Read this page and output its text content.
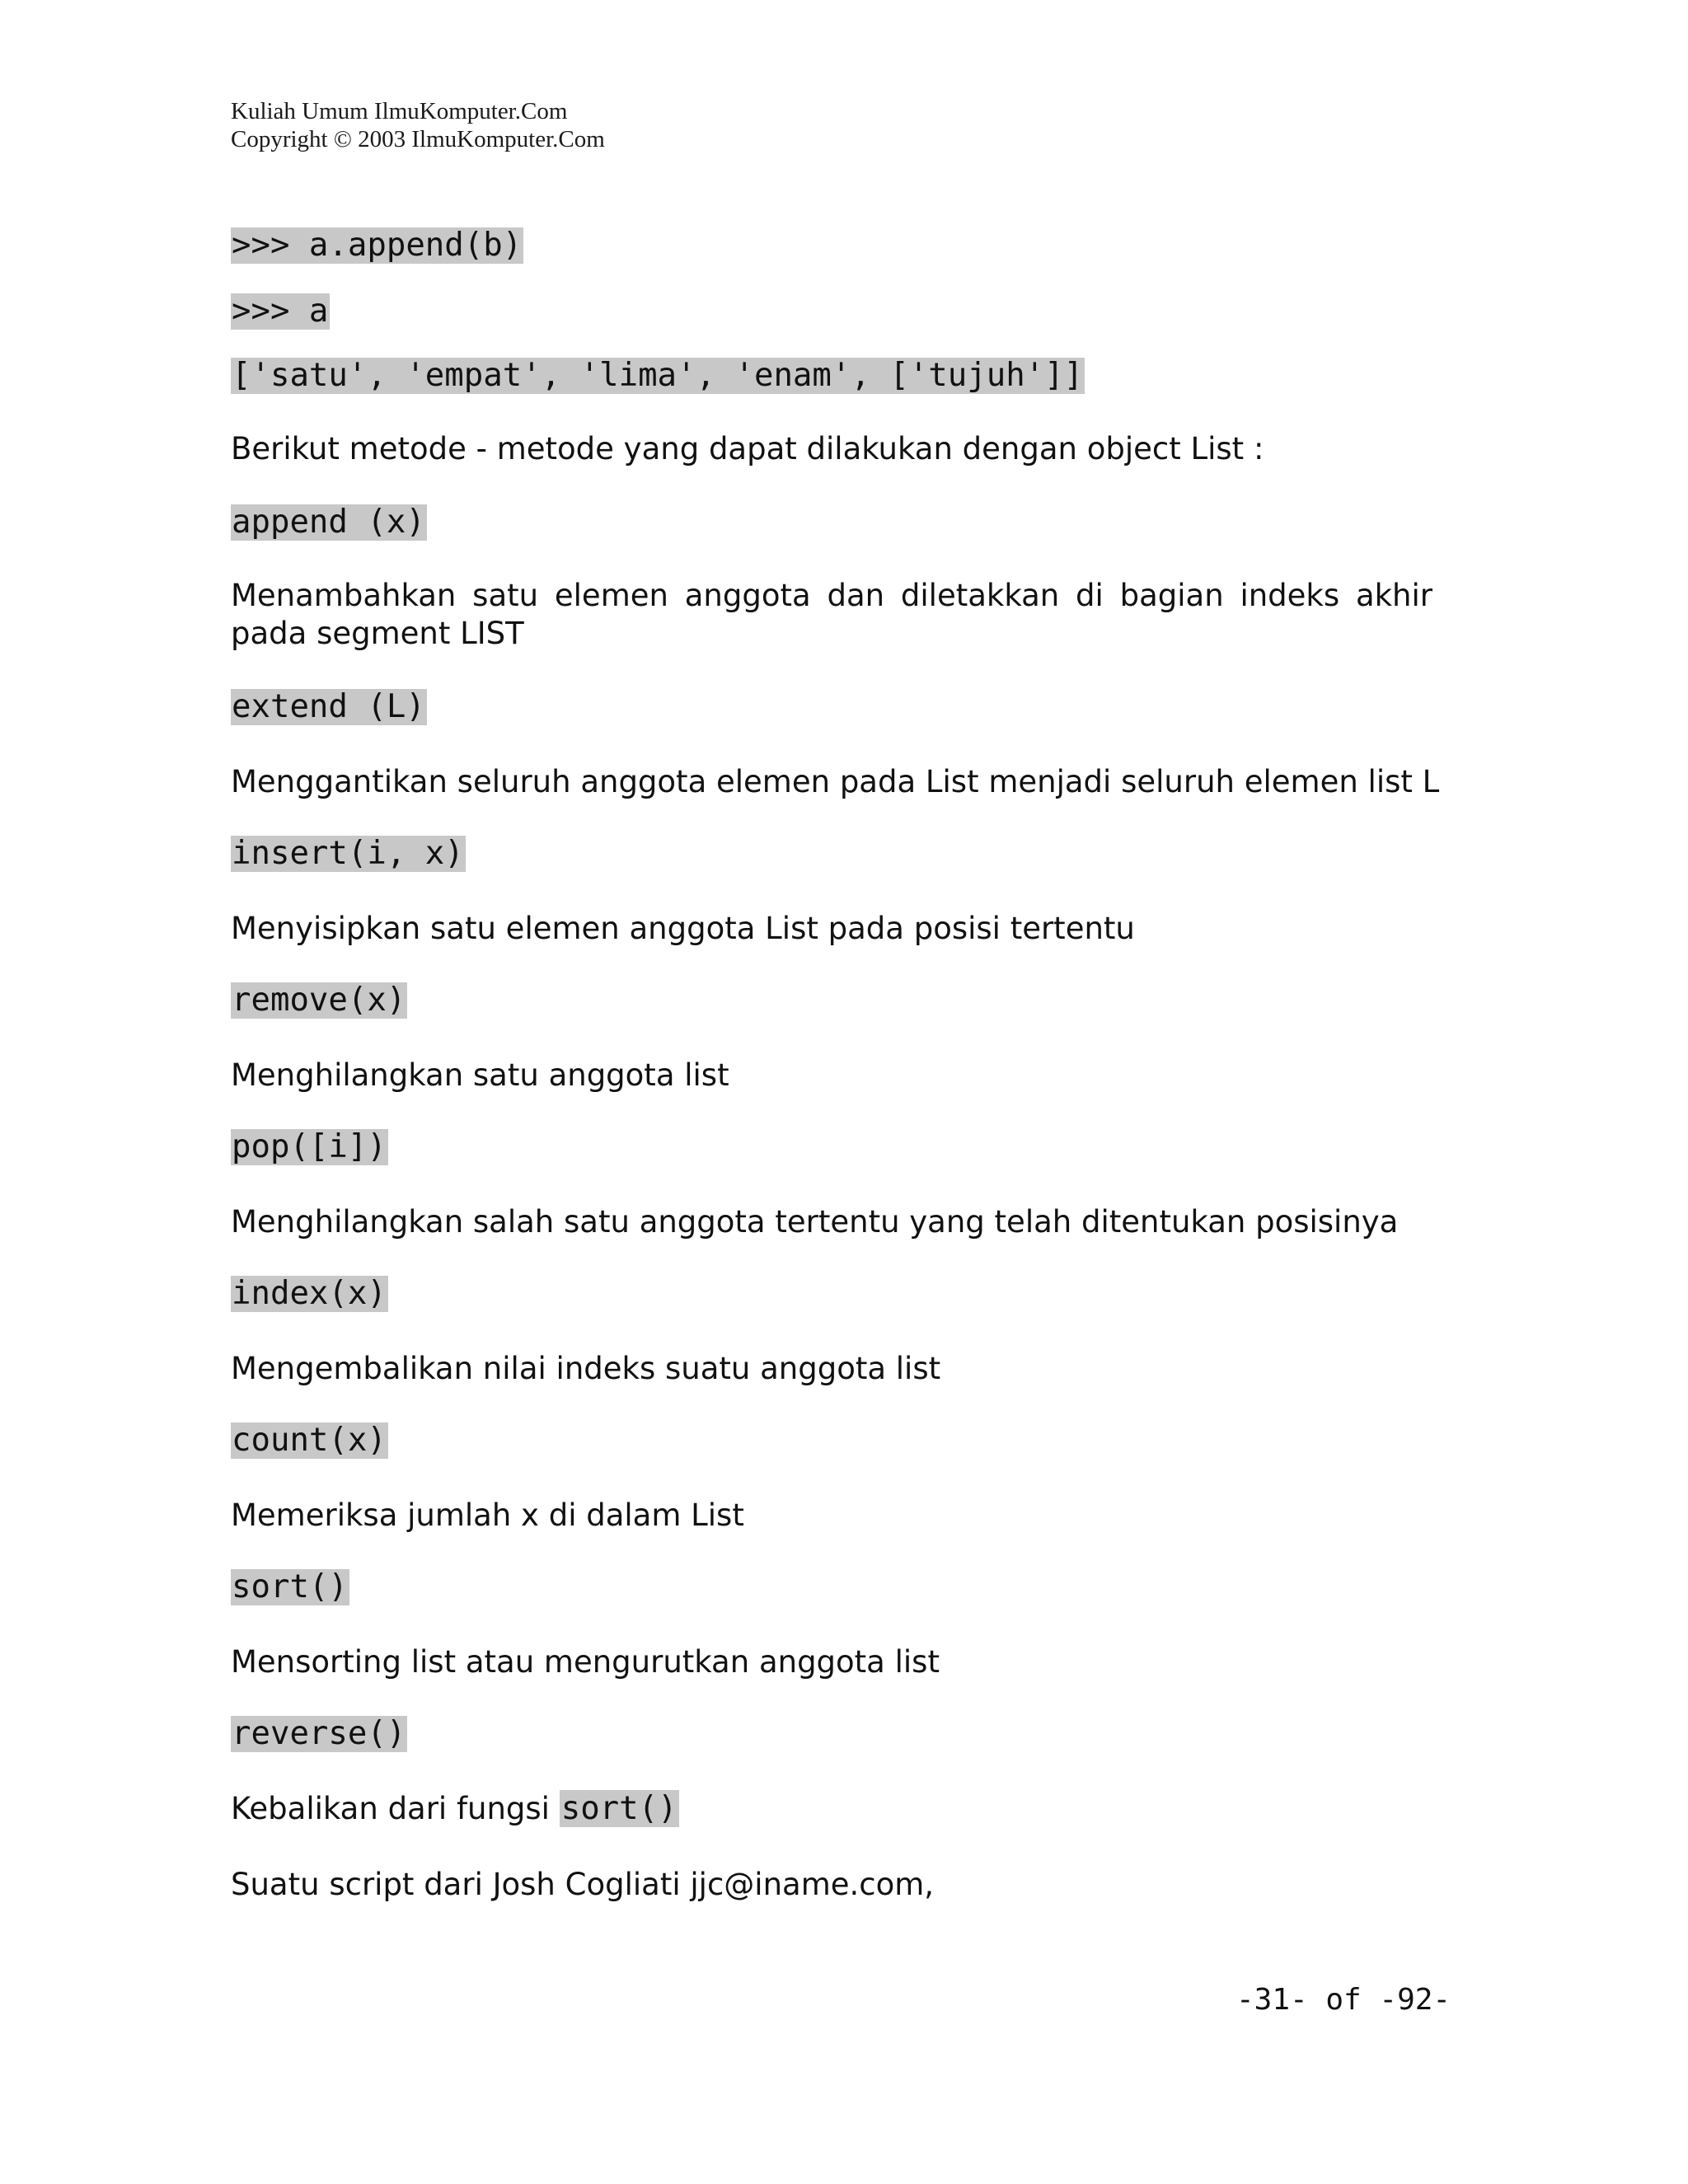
Kuliah Umum IlmuKomputer.Com
Copyright © 2003 IlmuKomputer.Com
>>> a.append(b)
>>> a
['satu', 'empat', 'lima', 'enam', ['tujuh']]
Berikut metode - metode yang dapat dilakukan dengan object List :
append (x)
Menambahkan satu elemen anggota dan diletakkan di bagian indeks akhir pada segment LIST
extend (L)
Menggantikan seluruh anggota elemen pada List menjadi seluruh elemen list L
insert(i, x)
Menyisipkan satu elemen anggota List pada posisi tertentu
remove(x)
Menghilangkan satu anggota list
pop([i])
Menghilangkan salah satu anggota tertentu yang telah ditentukan posisinya
index(x)
Mengembalikan nilai indeks suatu anggota list
count(x)
Memeriksa jumlah x di dalam List
sort()
Mensorting list atau mengurutkan anggota list
reverse()
Kebalikan dari fungsi sort()
Suatu script dari Josh Cogliati jjc@iname.com,
-31- of -92-
